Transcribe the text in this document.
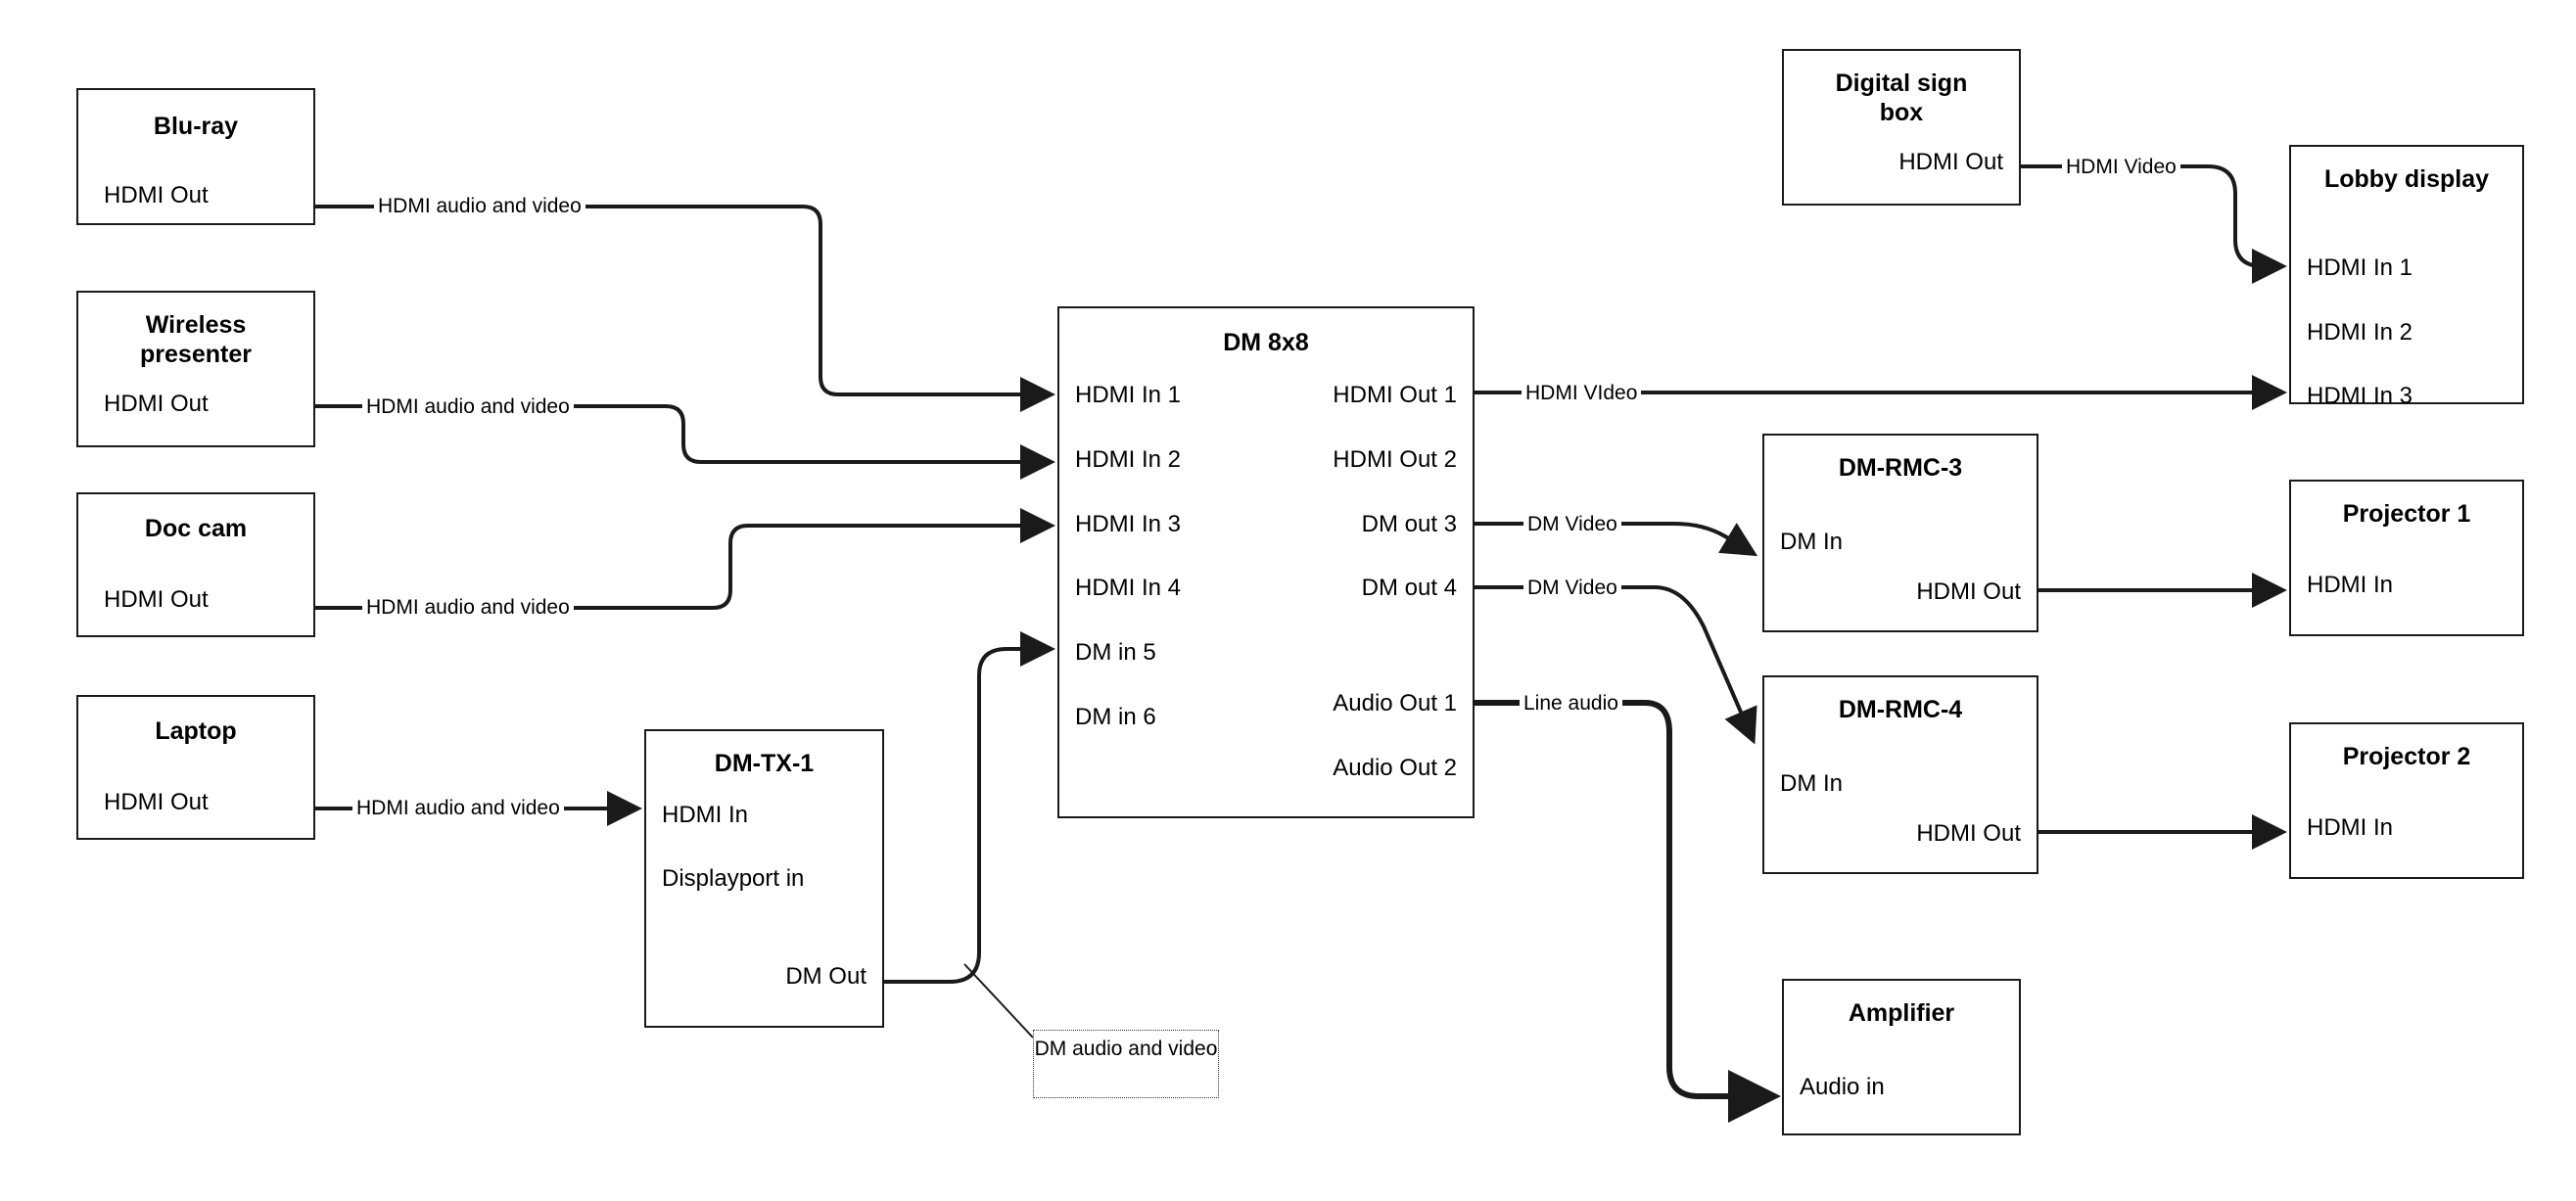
Blu-ray
HDMI Out
Wireless presenter
HDMI Out
Doc cam
HDMI Out
Laptop
HDMI Out
DM-TX-1
HDMI In
Displayport in
DM Out
DM 8x8
HDMI In 1
HDMI In 2
HDMI In 3
HDMI In 4
DM in 5
DM in 6
HDMI Out 1
HDMI Out 2
DM out 3
DM out 4
Audio Out 1
Audio Out 2
Digital sign box
HDMI Out
Lobby display
HDMI In 1
HDMI In 2
HDMI In 3
DM-RMC-3
DM In
HDMI Out
DM-RMC-4
DM In
HDMI Out
Projector 1
HDMI In
Projector 2
HDMI In
Amplifier
Audio in
HDMI audio and video
HDMI audio and video
HDMI audio and video
HDMI audio and video
HDMI Video
HDMI VIdeo
DM Video
DM Video
Line audio
DM audio and video
